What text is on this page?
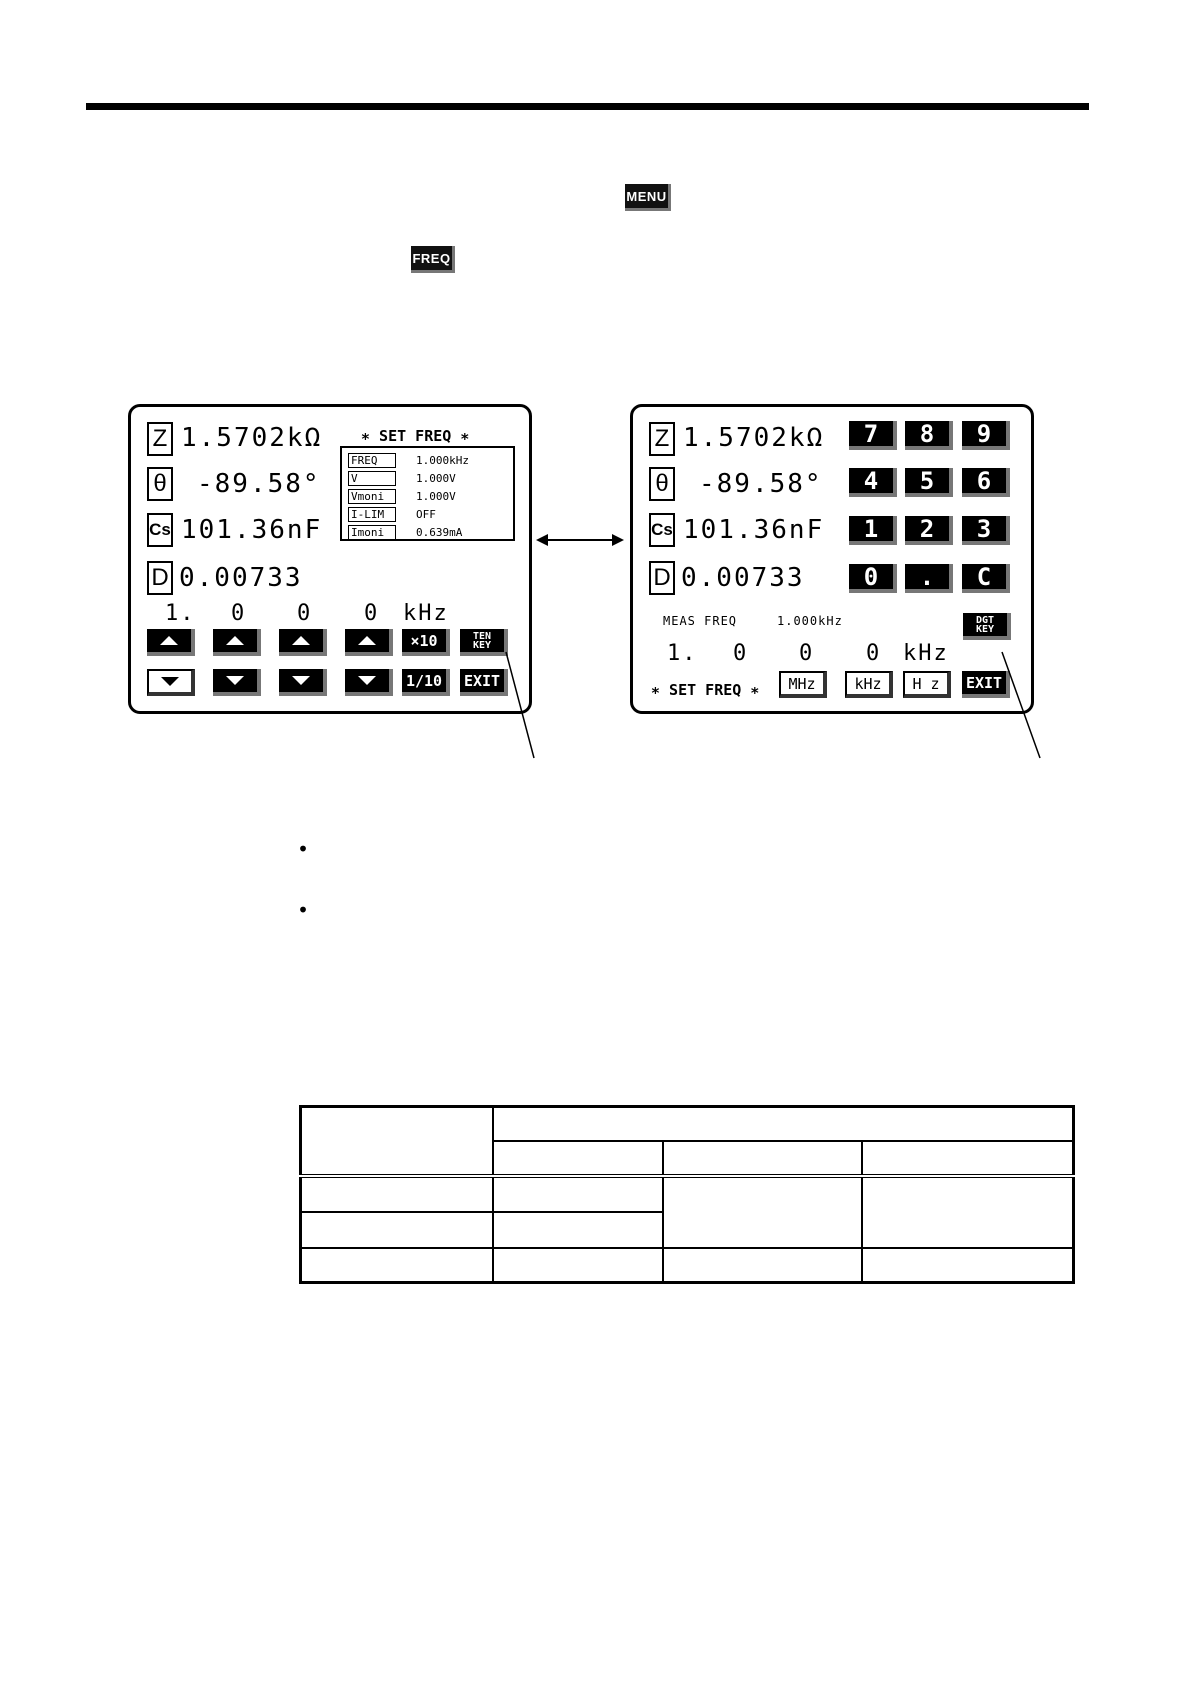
MENU
FREQ
Z 1.5702kΩ	∗ SET FREQ ∗
θ -89.58°
Cs 101.36nF
D 0.00733
FREQ	1.000kHz
V	1.000V
Vmoni	1.000V
I-LIM	OFF
Imoni	0.639mA
1. 0 0 0 kHz
×10	TEN
KEY
1/10	EXIT
Z 1.5702kΩ
θ -89.58°
Cs 101.36nF
D 0.00733
7	8	9
4	5	6
1	2	3
0	.	C
MEAS FREQ	1.000kHz	DGT
KEY
1. 0 0 0 kHz
∗ SET FREQ ∗	MHz	kHz	H z	EXIT
•
•
